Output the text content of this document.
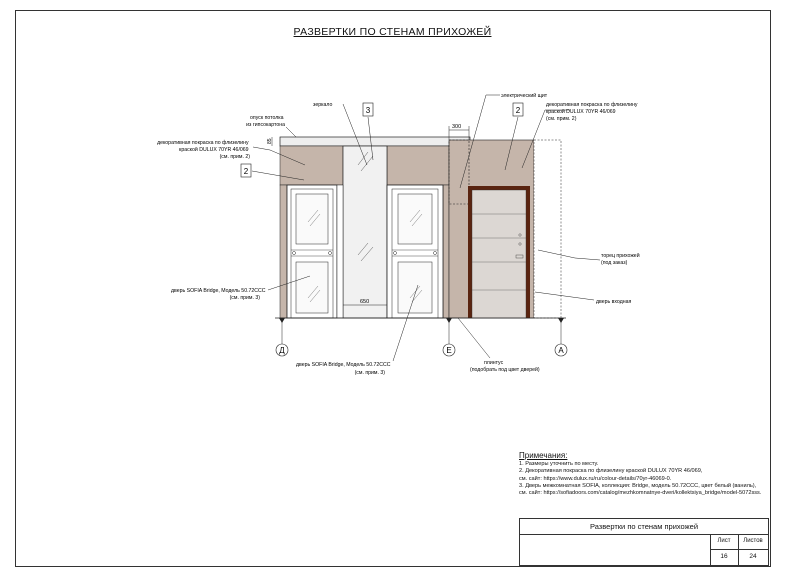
РАЗВЕРТКИ ПО СТЕНАМ ПРИХОЖЕЙ
300
650
85
Д	Е	А
3
2
2
опуск потолка из гипсокартона
декоративная покраска по флизелину краской DULUX 70YR 46/069 (см. прим. 2)
зеркало
электрический щит
декоративная покраска по флизелину краской DULUX 70YR 46/069 (см. прим. 2)
торец прихожей (под заказ)
дверь входная
дверь SOFIA Bridge, Модель 50.72CCC (см. прим. 3)
дверь SOFIA Bridge, Модель 50.72CCC (см. прим. 3)
плинтус (подобрать под цвет дверей)
Примечания:
1. Размеры уточнить по месту.
2. Декоративная покраска по флизелину краской DULUX 70YR 46/069,
см. сайт: https://www.dulux.ru/ru/colour-details/70yr-46069-0.
3. Дверь межкомнатная SOFIA, коллекция: Bridge, модель 50.72CCC, цвет белый (ваниль),
см. сайт: https://sofiadoors.com/catalog/mezhkomnatnye-dveri/kollektsiya_bridge/model-5072sss.
Развертки по стенам прихожей
Лист	Листов
16	24
